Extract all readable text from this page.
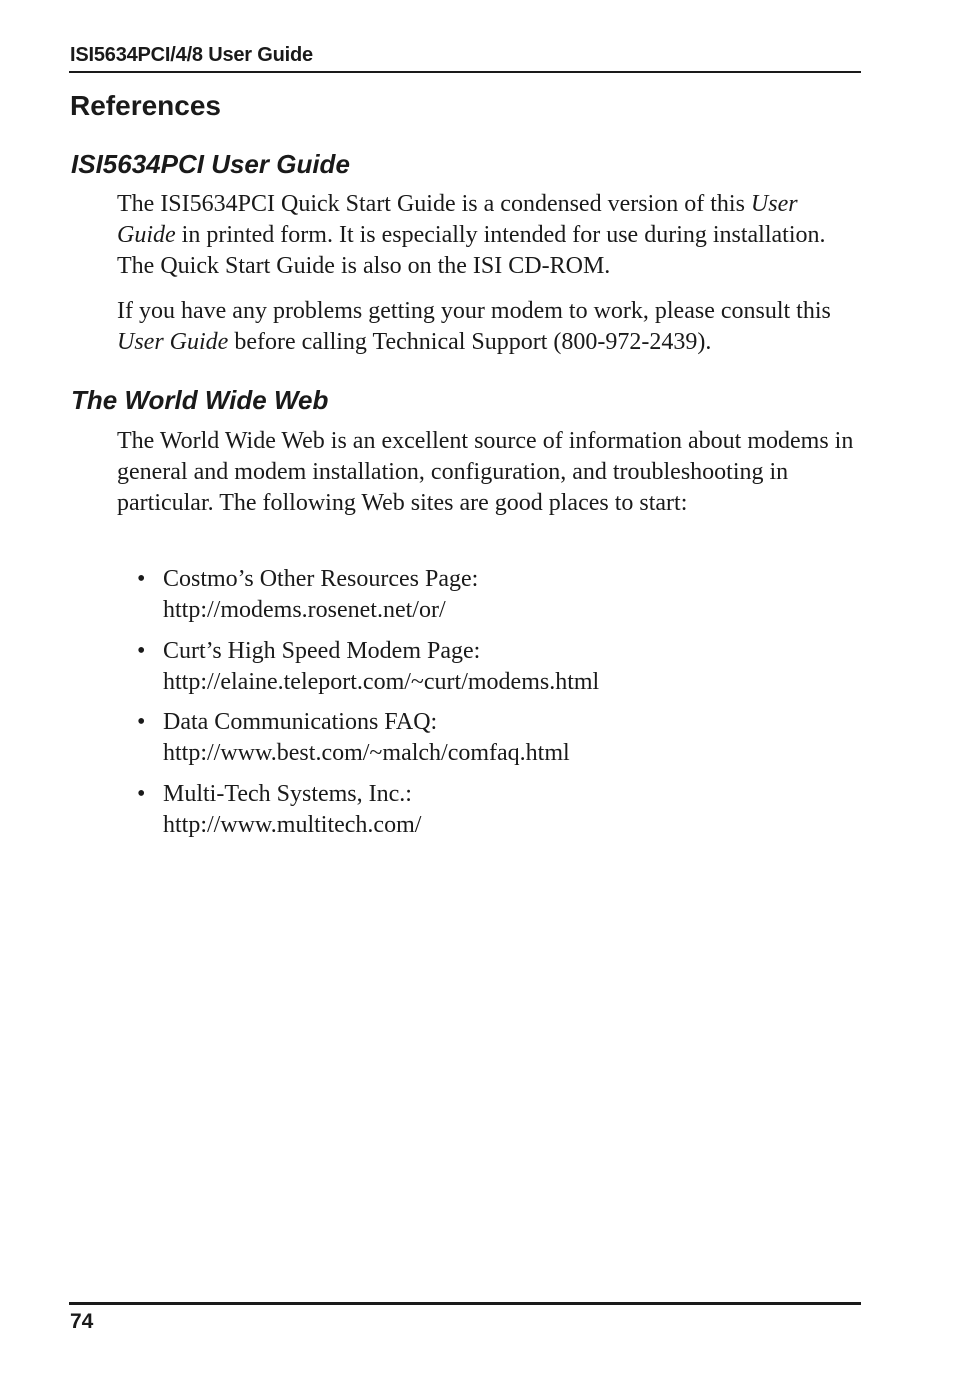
ISI5634PCI/4/8 User Guide
References
ISI5634PCI User Guide

The ISI5634PCI Quick Start Guide is a condensed version of this User Guide in printed form. It is especially intended for use during installation. The Quick Start Guide is also on the ISI CD-ROM.

If you have any problems getting your modem to work, please consult this User Guide before calling Technical Support (800-972-2439).

The World Wide Web

The World Wide Web is an excellent source of information about modems in general and modem installation, configuration, and troubleshooting in particular. The following Web sites are good places to start:

• Costmo’s Other Resources Page:
http://modems.rosenet.net/or/
• Curt’s High Speed Modem Page:
http://elaine.teleport.com/~curt/modems.html
• Data Communications FAQ:
http://www.best.com/~malch/comfaq.html
• Multi-Tech Systems, Inc.:
http://www.multitech.com/
74
